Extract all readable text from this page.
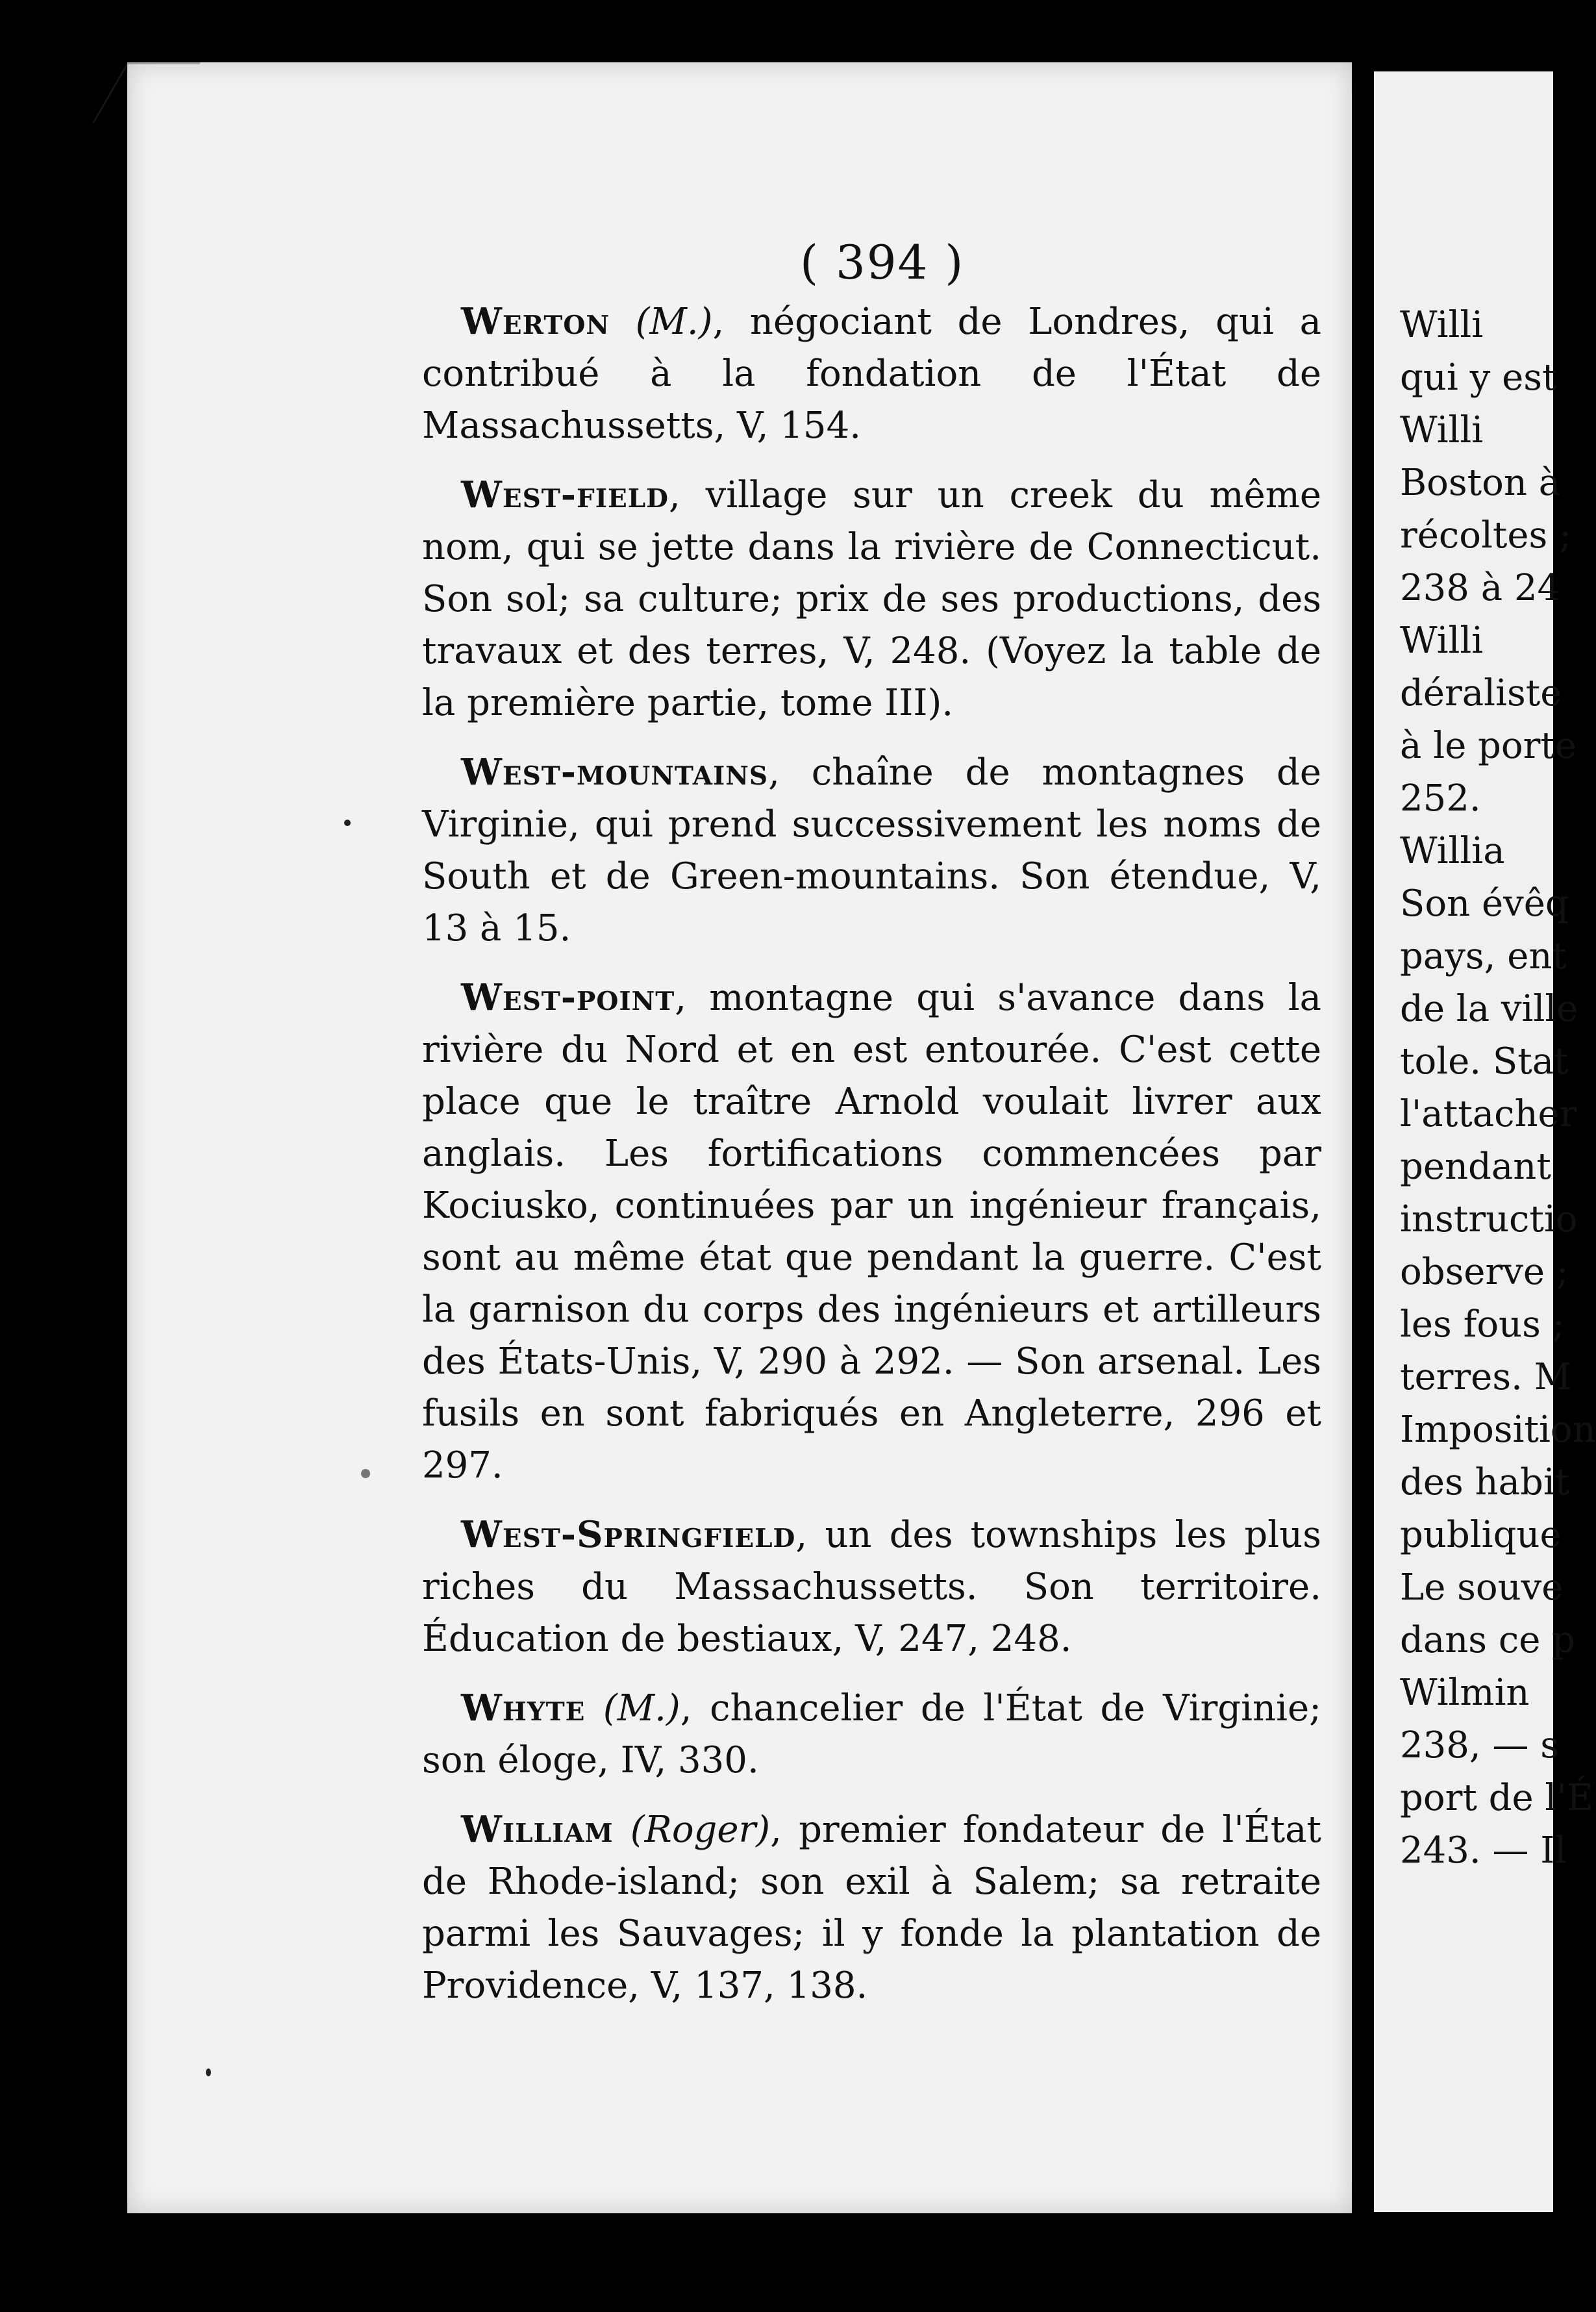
( 394 )

Werton (M.), négociant de Londres, qui a contribué à la fondation de l'État de Massachussetts, V, 154.

West-field, village sur un creek du même nom, qui se jette dans la rivière de Connecticut. Son sol; sa culture; prix de ses productions, des travaux et des terres, V, 248. (Voyez la table de la première partie, tome III).

West-mountains, chaîne de montagnes de Virginie, qui prend successivement les noms de South et de Green-mountains. Son étendue, V, 13 à 15.

West-point, montagne qui s'avance dans la rivière du Nord et en est entourée. C'est cette place que le traître Arnold voulait livrer aux anglais. Les fortifications commencées par Kociusko, continuées par un ingénieur français, sont au même état que pendant la guerre. C'est la garnison du corps des ingénieurs et artilleurs des États-Unis, V, 290 à 292. — Son arsenal. Les fusils en sont fabriqués en Angleterre, 296 et 297.

West-Springfield, un des townships les plus riches du Massachussetts. Son territoire. Éducation de bestiaux, V, 247, 248.

Whyte (M.), chancelier de l'État de Virginie; son éloge, IV, 330.

William (Roger), premier fondateur de l'État de Rhode-island; son exil à Salem; sa retraite parmi les Sauvages; il y fonde la plantation de Providence, V, 137, 138.

Willi
qui y est
Willi
Boston à
récoltes ;
238 à 24
Willi
déraliste
à le porte
252.
Willia
Son évêq
pays, ent
de la ville
tole. Stat
l'attacher
pendant
instructio
observe ;
les fous ;
terres. M
Imposition
des habit
publique
Le souve
dans ce p
Wilmin
238, — s
port de l'É
243. — Il
